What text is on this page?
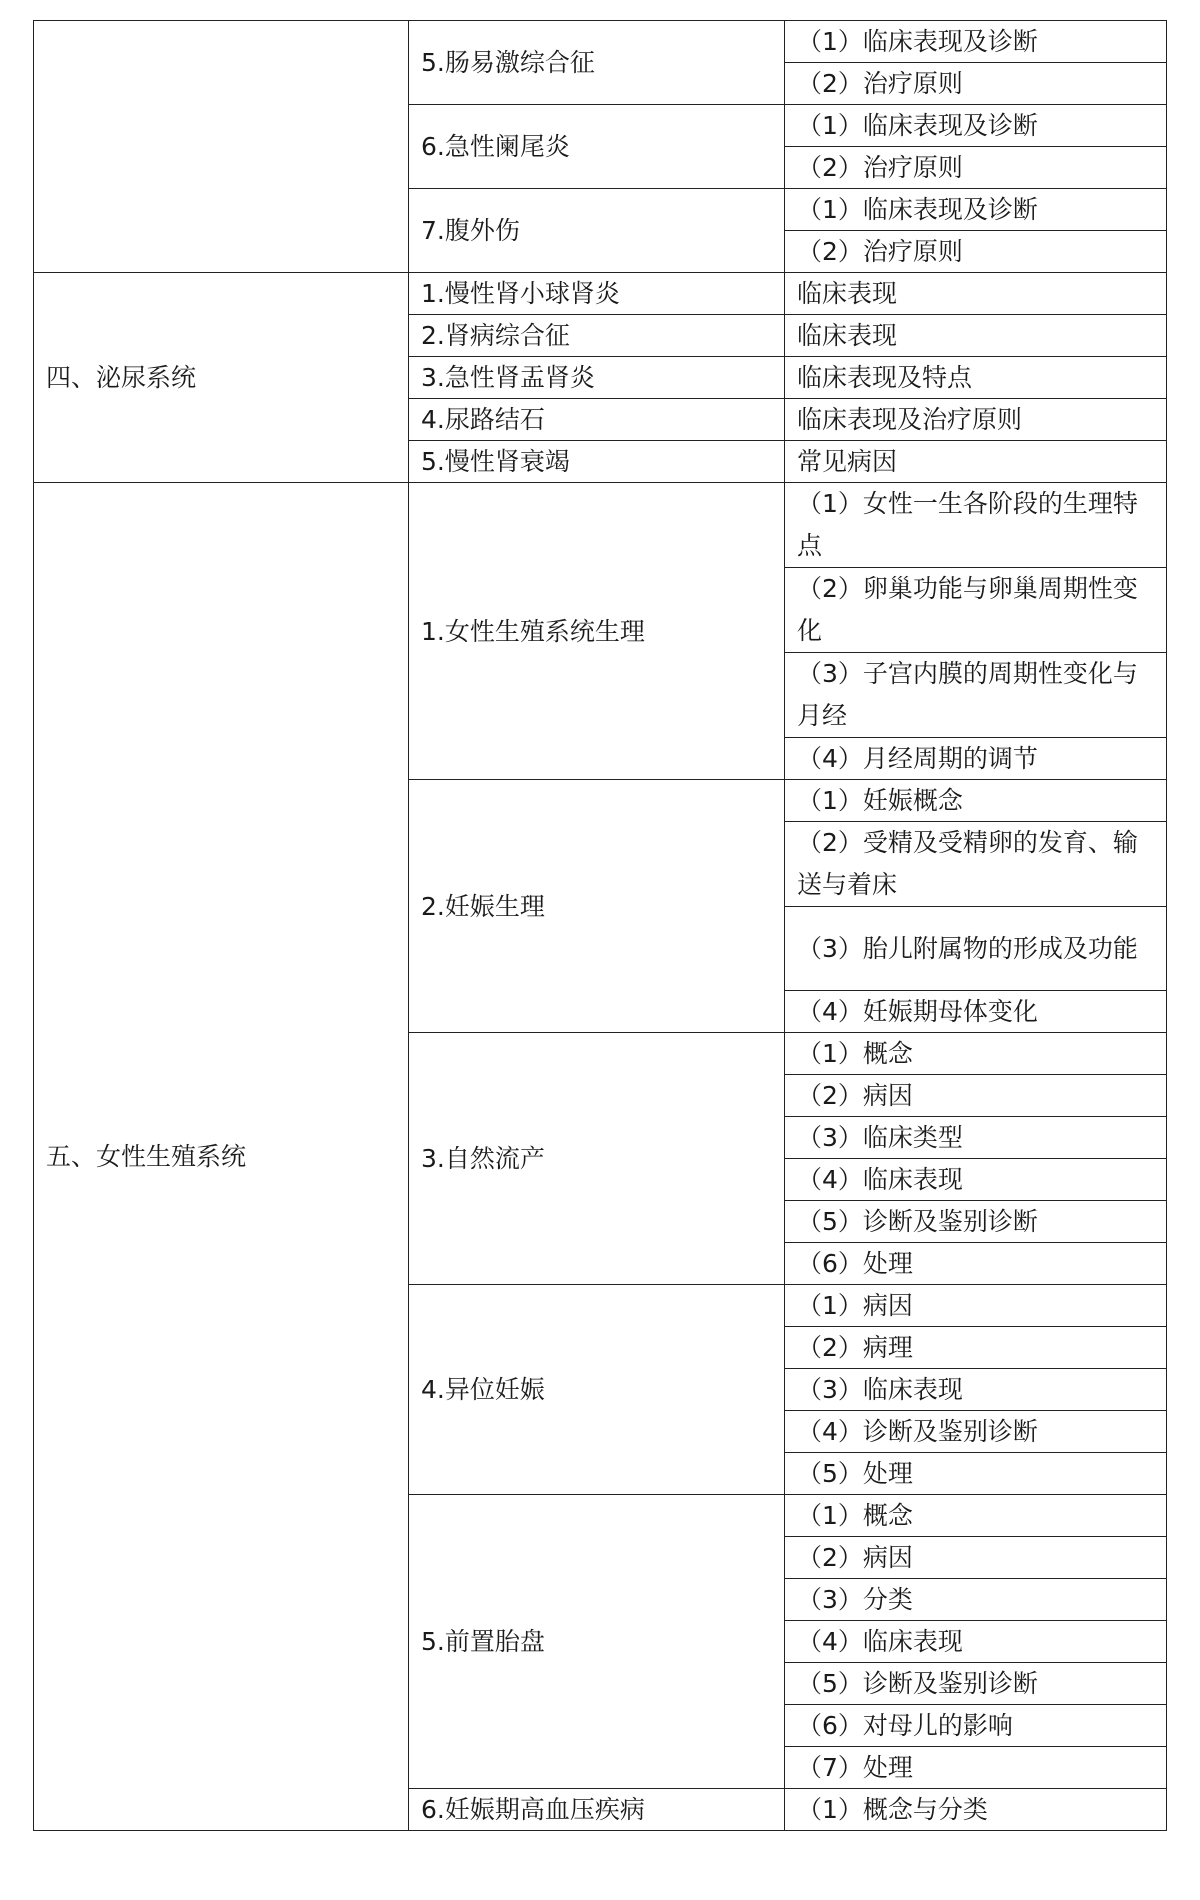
	5.肠易激综合征	（1）临床表现及诊断
		（2）治疗原则
	6.急性阑尾炎	（1）临床表现及诊断
		（2）治疗原则
	7.腹外伤	（1）临床表现及诊断
		（2）治疗原则
四、泌尿系统	1.慢性肾小球肾炎	临床表现
	2.肾病综合征	临床表现
	3.急性肾盂肾炎	临床表现及特点
	4.尿路结石	临床表现及治疗原则
	5.慢性肾衰竭	常见病因
五、女性生殖系统	1.女性生殖系统生理	（1）女性一生各阶段的生理特点
		（2）卵巢功能与卵巢周期性变化
		（3）子宫内膜的周期性变化与月经
		（4）月经周期的调节
	2.妊娠生理	（1）妊娠概念
		（2）受精及受精卵的发育、输送与着床
		（3）胎儿附属物的形成及功能
		（4）妊娠期母体变化
	3.自然流产	（1）概念
		（2）病因
		（3）临床类型
		（4）临床表现
		（5）诊断及鉴别诊断
		（6）处理
	4.异位妊娠	（1）病因
		（2）病理
		（3）临床表现
		（4）诊断及鉴别诊断
		（5）处理
	5.前置胎盘	（1）概念
		（2）病因
		（3）分类
		（4）临床表现
		（5）诊断及鉴别诊断
		（6）对母儿的影响
		（7）处理
	6.妊娠期高血压疾病	（1）概念与分类
